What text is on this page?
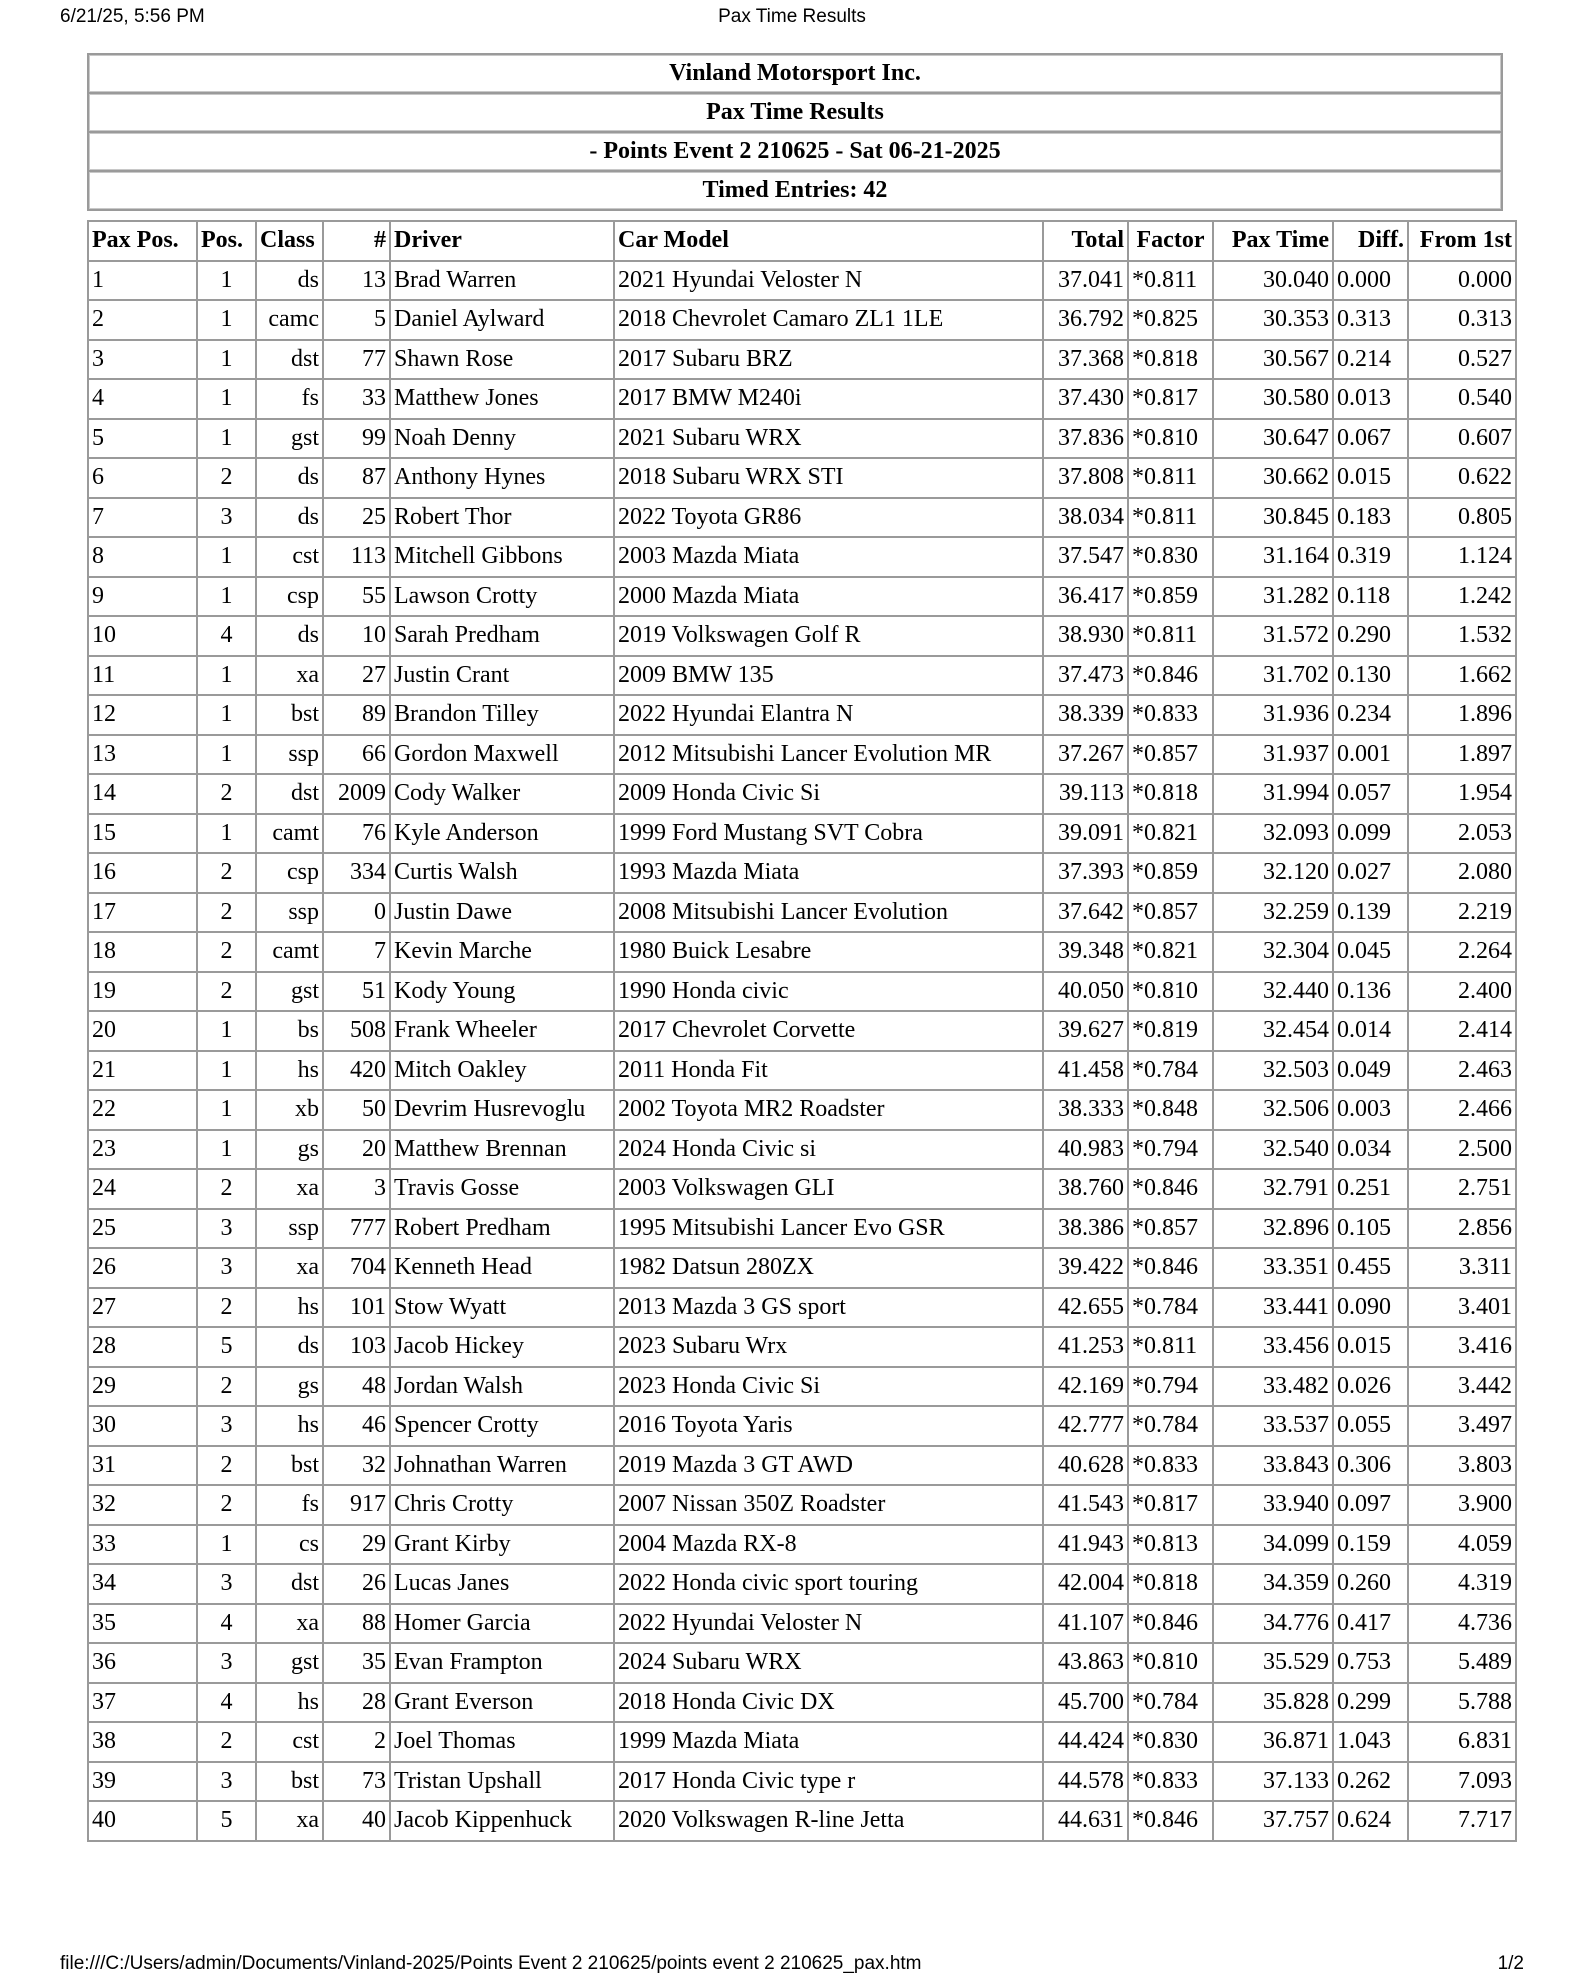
Pax Time Results
6/21/25, 5:56 PM
Vinland Motorsport Inc.
Pax Time Results
- Points Event 2 210625 - Sat 06-21-2025
Timed Entries: 42
Pax Pos.	Pos.	Class	#	Driver	Car Model	Total	Factor	Pax Time	Diff.	From 1st
1	1	ds	13	Brad Warren	2021 Hyundai Veloster N	37.041	*0.811	30.040	0.000	0.000
2	1	camc	5	Daniel Aylward	2018 Chevrolet Camaro ZL1 1LE	36.792	*0.825	30.353	0.313	0.313
3	1	dst	77	Shawn Rose	2017 Subaru BRZ	37.368	*0.818	30.567	0.214	0.527
4	1	fs	33	Matthew Jones	2017 BMW M240i	37.430	*0.817	30.580	0.013	0.540
5	1	gst	99	Noah Denny	2021 Subaru WRX	37.836	*0.810	30.647	0.067	0.607
6	2	ds	87	Anthony Hynes	2018 Subaru WRX STI	37.808	*0.811	30.662	0.015	0.622
7	3	ds	25	Robert Thor	2022 Toyota GR86	38.034	*0.811	30.845	0.183	0.805
8	1	cst	113	Mitchell Gibbons	2003 Mazda Miata	37.547	*0.830	31.164	0.319	1.124
9	1	csp	55	Lawson Crotty	2000 Mazda Miata	36.417	*0.859	31.282	0.118	1.242
10	4	ds	10	Sarah Predham	2019 Volkswagen Golf R	38.930	*0.811	31.572	0.290	1.532
11	1	xa	27	Justin Crant	2009 BMW 135	37.473	*0.846	31.702	0.130	1.662
12	1	bst	89	Brandon Tilley	2022 Hyundai Elantra N	38.339	*0.833	31.936	0.234	1.896
13	1	ssp	66	Gordon Maxwell	2012 Mitsubishi Lancer Evolution MR	37.267	*0.857	31.937	0.001	1.897
14	2	dst	2009	Cody Walker	2009 Honda Civic Si	39.113	*0.818	31.994	0.057	1.954
15	1	camt	76	Kyle Anderson	1999 Ford Mustang SVT Cobra	39.091	*0.821	32.093	0.099	2.053
16	2	csp	334	Curtis Walsh	1993 Mazda Miata	37.393	*0.859	32.120	0.027	2.080
17	2	ssp	0	Justin Dawe	2008 Mitsubishi Lancer Evolution	37.642	*0.857	32.259	0.139	2.219
18	2	camt	7	Kevin Marche	1980 Buick Lesabre	39.348	*0.821	32.304	0.045	2.264
19	2	gst	51	Kody Young	1990 Honda civic	40.050	*0.810	32.440	0.136	2.400
20	1	bs	508	Frank Wheeler	2017 Chevrolet Corvette	39.627	*0.819	32.454	0.014	2.414
21	1	hs	420	Mitch Oakley	2011 Honda Fit	41.458	*0.784	32.503	0.049	2.463
22	1	xb	50	Devrim Husrevoglu	2002 Toyota MR2 Roadster	38.333	*0.848	32.506	0.003	2.466
23	1	gs	20	Matthew Brennan	2024 Honda Civic si	40.983	*0.794	32.540	0.034	2.500
24	2	xa	3	Travis Gosse	2003 Volkswagen GLI	38.760	*0.846	32.791	0.251	2.751
25	3	ssp	777	Robert Predham	1995 Mitsubishi Lancer Evo GSR	38.386	*0.857	32.896	0.105	2.856
26	3	xa	704	Kenneth Head	1982 Datsun 280ZX	39.422	*0.846	33.351	0.455	3.311
27	2	hs	101	Stow Wyatt	2013 Mazda 3 GS sport	42.655	*0.784	33.441	0.090	3.401
28	5	ds	103	Jacob Hickey	2023 Subaru Wrx	41.253	*0.811	33.456	0.015	3.416
29	2	gs	48	Jordan Walsh	2023 Honda Civic Si	42.169	*0.794	33.482	0.026	3.442
30	3	hs	46	Spencer Crotty	2016 Toyota Yaris	42.777	*0.784	33.537	0.055	3.497
31	2	bst	32	Johnathan Warren	2019 Mazda 3 GT AWD	40.628	*0.833	33.843	0.306	3.803
32	2	fs	917	Chris Crotty	2007 Nissan 350Z Roadster	41.543	*0.817	33.940	0.097	3.900
33	1	cs	29	Grant Kirby	2004 Mazda RX-8	41.943	*0.813	34.099	0.159	4.059
34	3	dst	26	Lucas Janes	2022 Honda civic sport touring	42.004	*0.818	34.359	0.260	4.319
35	4	xa	88	Homer Garcia	2022 Hyundai Veloster N	41.107	*0.846	34.776	0.417	4.736
36	3	gst	35	Evan Frampton	2024 Subaru WRX	43.863	*0.810	35.529	0.753	5.489
37	4	hs	28	Grant Everson	2018 Honda Civic DX	45.700	*0.784	35.828	0.299	5.788
38	2	cst	2	Joel Thomas	1999 Mazda Miata	44.424	*0.830	36.871	1.043	6.831
39	3	bst	73	Tristan Upshall	2017 Honda Civic type r	44.578	*0.833	37.133	0.262	7.093
40	5	xa	40	Jacob Kippenhuck	2020 Volkswagen R-line Jetta	44.631	*0.846	37.757	0.624	7.717
file:///C:/Users/admin/Documents/Vinland-2025/Points Event 2 210625/points event 2 210625_pax.htm	1/2
